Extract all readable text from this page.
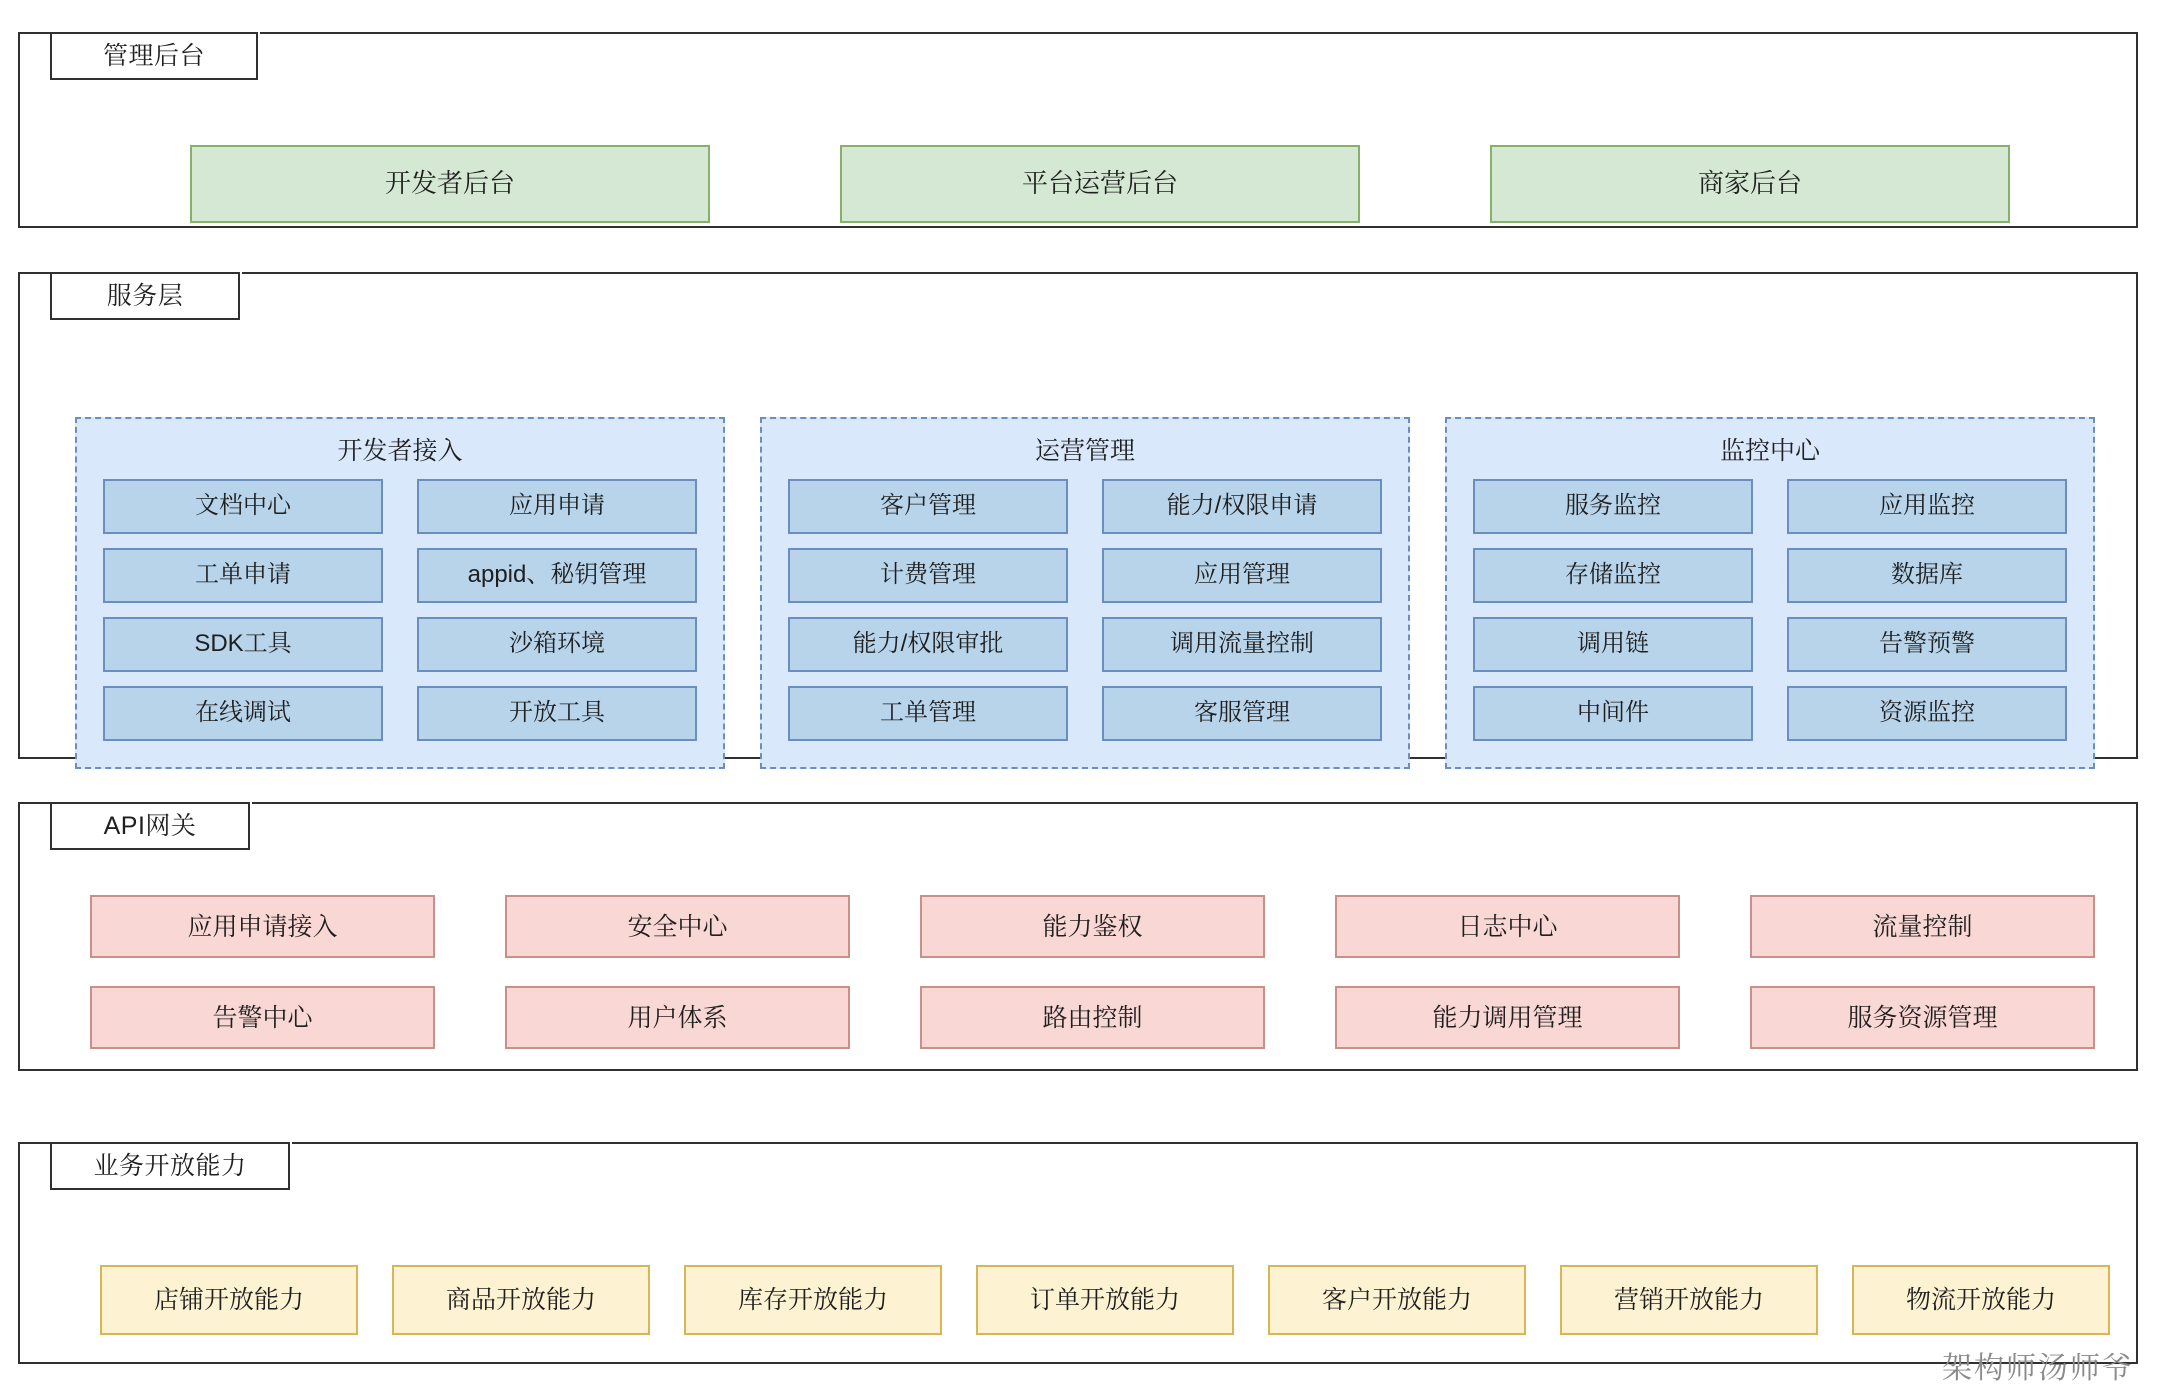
管理后台
开发者后台	平台运营后台	商家后台
服务层
开发者接入
文档中心	应用申请
工单申请	appid、秘钥管理
SDK工具	沙箱环境
在线调试	开放工具
运营管理
客户管理	能力/权限申请
计费管理	应用管理
能力/权限审批	调用流量控制
工单管理	客服管理
监控中心
服务监控	应用监控
存储监控	数据库
调用链	告警预警
中间件	资源监控
API网关
应用申请接入	安全中心	能力鉴权	日志中心	流量控制
告警中心	用户体系	路由控制	能力调用管理	服务资源管理
业务开放能力
店铺开放能力	商品开放能力	库存开放能力	订单开放能力	客户开放能力	营销开放能力	物流开放能力
架构师汤师爷
